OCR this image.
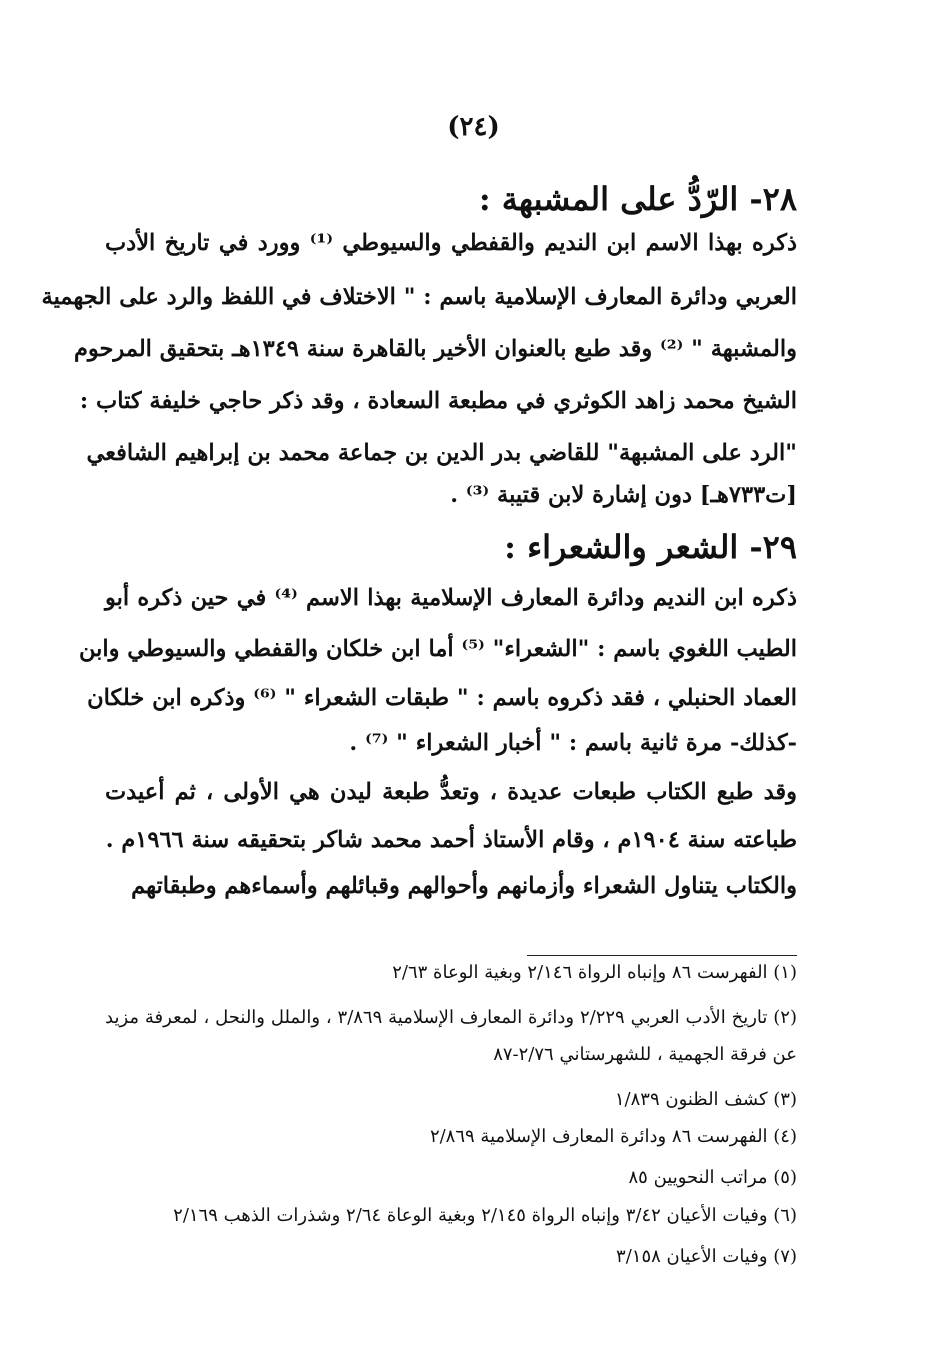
(٢٤)
٢٨- الرّدُّ على المشبهة :
ذكره بهذا الاسم ابن النديم والقفطي والسيوطي ⁽¹⁾ وورد في تاريخ الأدب
العربي ودائرة المعارف الإسلامية باسم : " الاختلاف في اللفظ والرد على الجهمية
والمشبهة " ⁽²⁾ وقد طبع بالعنوان الأخير بالقاهرة سنة ١٣٤٩هـ بتحقيق المرحوم
الشيخ محمد زاهد الكوثري في مطبعة السعادة ، وقد ذكر حاجي خليفة كتاب :
"الرد على المشبهة" للقاضي بدر الدين بن جماعة محمد بن إبراهيم الشافعي
[ت٧٣٣هـ] دون إشارة لابن قتيبة ⁽³⁾ .
٢٩- الشعر والشعراء :
ذكره ابن النديم ودائرة المعارف الإسلامية بهذا الاسم ⁽⁴⁾ في حين ذكره أبو
الطيب اللغوي باسم : "الشعراء" ⁽⁵⁾ أما ابن خلكان والقفطي والسيوطي وابن
العماد الحنبلي ، فقد ذكروه باسم : " طبقات الشعراء " ⁽⁶⁾ وذكره ابن خلكان
-كذلك- مرة ثانية باسم : " أخبار الشعراء " ⁽⁷⁾ .
وقد طبع الكتاب طبعات عديدة ، وتعدُّ طبعة ليدن هي الأولى ، ثم أعيدت
طباعته سنة ١٩٠٤م ، وقام الأستاذ أحمد محمد شاكر بتحقيقه سنة ١٩٦٦م .
والكتاب يتناول الشعراء وأزمانهم وأحوالهم وقبائلهم وأسماءهم وطبقاتهم
(١) الفهرست ٨٦ وإنباه الرواة ٢/١٤٦ وبغية الوعاة ٢/٦٣
(٢) تاريخ الأدب العربي ٢/٢٢٩ ودائرة المعارف الإسلامية ٣/٨٦٩ ، والملل والنحل ، لمعرفة مزيد
عن فرقة الجهمية ، للشهرستاني ٢/٧٦-٨٧
(٣) كشف الظنون ١/٨٣٩
(٤) الفهرست ٨٦ ودائرة المعارف الإسلامية ٢/٨٦٩
(٥) مراتب النحويين ٨٥
(٦) وفيات الأعيان ٣/٤٢ وإنباه الرواة ٢/١٤٥ وبغية الوعاة ٢/٦٤ وشذرات الذهب ٢/١٦٩
(٧) وفيات الأعيان ٣/١٥٨
